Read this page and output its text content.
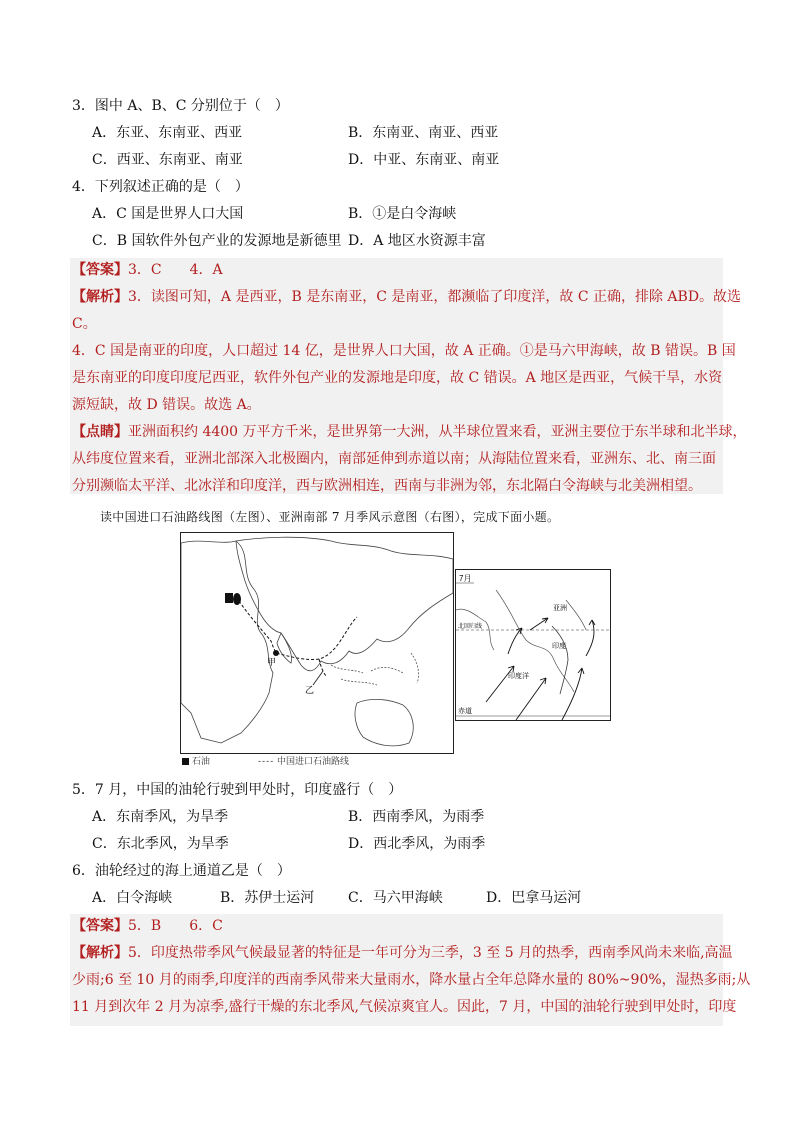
3．图中 A、B、C 分别位于（　）
A．东亚、东南亚、西亚	B．东南亚、南亚、西亚
C．西亚、东南亚、南亚	D．中亚、东南亚、南亚
4．下列叙述正确的是（　）
A．C 国是世界人口大国	B．①是白令海峡
C．B 国软件外包产业的发源地是新德里 D．A 地区水资源丰富
【答案】3．C　　4．A
【解析】3．读图可知，A 是西亚，B 是东南亚，C 是南亚，都濒临了印度洋，故 C 正确，排除 ABD。故选
C。
4．C 国是南亚的印度，人口超过 14 亿，是世界人口大国，故 A 正确。①是马六甲海峡，故 B 错误。B 国
是东南亚的印度印度尼西亚，软件外包产业的发源地是印度，故 C 错误。A 地区是西亚，气候干旱，水资
源短缺，故 D 错误。故选 A。
【点睛】亚洲面积约 4400 万平方千米，是世界第一大洲，从半球位置来看，亚洲主要位于东半球和北半球，
从纬度位置来看，亚洲北部深入北极圈内，南部延伸到赤道以南；从海陆位置来看，亚洲东、北、南三面
分别濒临太平洋、北冰洋和印度洋，西与欧洲相连，西南与非洲为邻，东北隔白令海峡与北美洲相望。
读中国进口石油路线图（左图）、亚洲南部 7 月季风示意图（右图），完成下面小题。
甲
乙
石油	---- 中国进口石油路线
7月
北回归线
赤道
亚洲
印度
印度洋
5．7 月，中国的油轮行驶到甲处时，印度盛行（　）
A．东南季风，为旱季	B．西南季风，为雨季
C．东北季风，为旱季	D．西北季风，为雨季
6．油轮经过的海上通道乙是（　）
A．白令海峡	B．苏伊士运河 C．马六甲海峡	D．巴拿马运河
【答案】5．B　　6．C
【解析】5．印度热带季风气候最显著的特征是一年可分为三季，3 至 5 月的热季，西南季风尚未来临,高温
少雨;6 至 10 月的雨季,印度洋的西南季风带来大量雨水，降水量占全年总降水量的 80%~90%，湿热多雨;从
11 月到次年 2 月为凉季,盛行干燥的东北季风,气候凉爽宜人。因此，7 月，中国的油轮行驶到甲处时，印度
